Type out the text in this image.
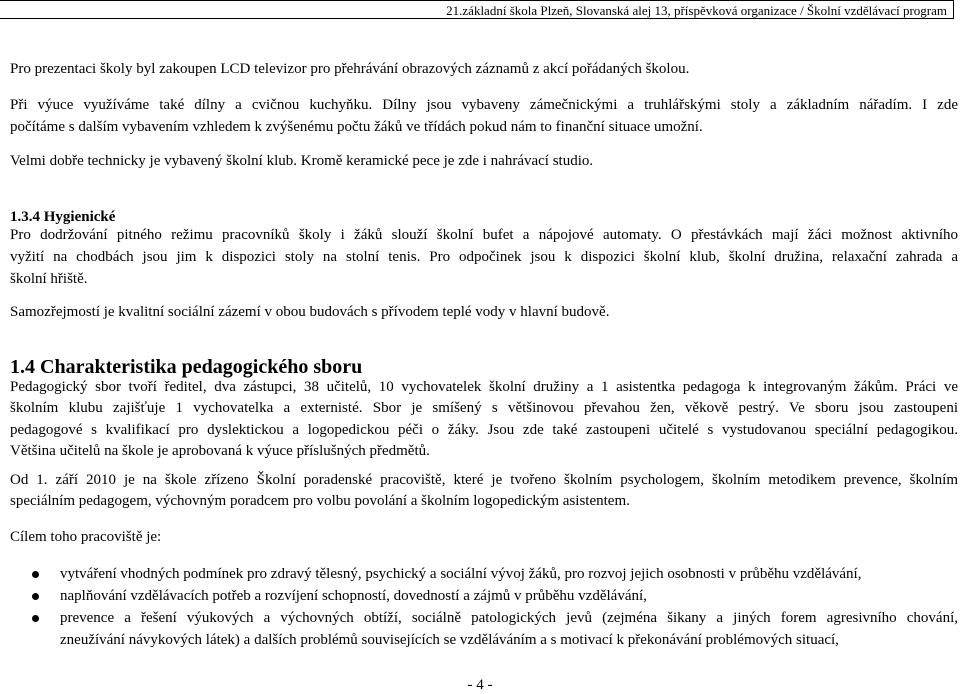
21.základní škola Plzeň, Slovanská alej 13, příspěvková organizace / Školní vzdělávací program
Pro prezentaci školy byl zakoupen LCD televizor pro přehrávání obrazových záznamů z akcí pořádaných školou.
Při výuce využíváme také dílny a cvičnou kuchyňku. Dílny jsou vybaveny zámečnickými a truhlářskými stoly a základním nářadím. I zde
počítáme s dalším vybavením vzhledem k zvýšenému počtu žáků ve třídách pokud nám to finanční situace umožní.
Velmi dobře technicky je vybavený školní klub. Kromě keramické pece je zde i nahrávací studio.
1.3.4 Hygienické
Pro dodržování pitného režimu pracovníků školy i žáků slouží školní bufet a nápojové automaty. O přestávkách mají žáci možnost aktivního
vyžití na chodbách jsou jim k dispozici stoly na stolní tenis. Pro odpočinek jsou k dispozici školní klub, školní družina, relaxační zahrada a
školní hřiště.
Samozřejmostí je kvalitní sociální zázemí v obou budovách s přívodem teplé vody v hlavní budově.
1.4 Charakteristika pedagogického sboru
Pedagogický sbor tvoří ředitel, dva zástupci, 38 učitelů, 10 vychovatelek školní družiny a 1 asistentka pedagoga k integrovaným žákům. Práci ve
školním klubu zajišťuje 1 vychovatelka a externisté. Sbor je smíšený s většinovou převahou žen, věkově pestrý. Ve sboru jsou zastoupeni
pedagogové s kvalifikací pro dyslektickou a logopedickou péči o žáky. Jsou zde také zastoupeni učitelé s vystudovanou speciální pedagogikou.
Většina učitelů na škole je aprobovaná k výuce příslušných předmětů.
Od 1. září 2010 je na škole zřízeno Školní poradenské pracoviště, které je tvořeno školním psychologem, školním metodikem prevence, školním
speciálním pedagogem, výchovným poradcem pro volbu povolání a školním logopedickým asistentem.
Cílem toho pracoviště je:
vytváření vhodných podmínek pro zdravý tělesný, psychický a sociální vývoj žáků, pro rozvoj jejich osobnosti v průběhu vzdělávání,
naplňování vzdělávacích potřeb a rozvíjení schopností, dovedností a zájmů v průběhu vzdělávání,
prevence a řešení výukových a výchovných obtíží, sociálně patologických jevů (zejména šikany a jiných forem agresivního chování,
zneužívání návykových látek) a dalších problémů souvisejících se vzděláváním a s motivací k překonávání problémových situací,
- 4 -
